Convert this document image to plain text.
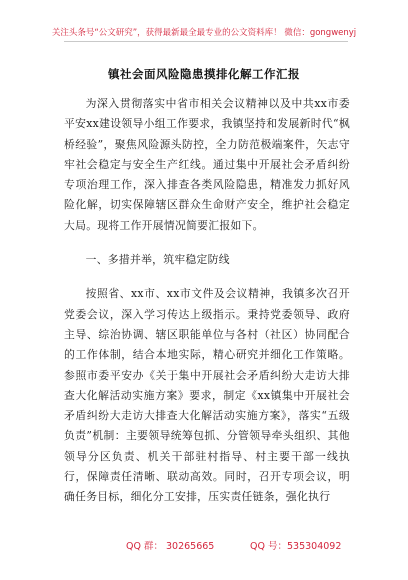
关注头条号“公文研究”，获得最新最全最专业的公文资料库！ 微信：gongwenyj
镇社会面风险隐患摸排化解工作汇报

为深入贯彻落实中省市相关会议精神以及中共xx市委平安xx建设领导小组工作要求，我镇坚持和发展新时代“枫桥经验”，聚焦风险源头防控，全力防范极端案件，矢志守牢社会稳定与安全生产红线。通过集中开展社会矛盾纠纷专项治理工作，深入排查各类风险隐患，精准发力抓好风险化解，切实保障辖区群众生命财产安全，维护社会稳定大局。现将工作开展情况简要汇报如下。

一、多措并举，筑牢稳定防线

按照省、xx市、xx市文件及会议精神，我镇多次召开党委会议，深入学习传达上级指示。秉持党委领导、政府主导、综治协调、辖区职能单位与各村（社区）协同配合的工作体制，结合本地实际，精心研究并细化工作策略。参照市委平安办《关于集中开展社会矛盾纠纷大走访大排查大化解活动实施方案》要求，制定《xx镇集中开展社会矛盾纠纷大走访大排查大化解活动实施方案》，落实“五级负责”机制：主要领导统筹包抓、分管领导牵头组织、其他领导分区负责、机关干部驻村指导、村主要干部一线执行，保障责任清晰、联动高效。同时，召开专项会议，明确任务目标，细化分工安排，压实责任链条，强化执行

QQ 群： 30265665	QQ 号：535304092
